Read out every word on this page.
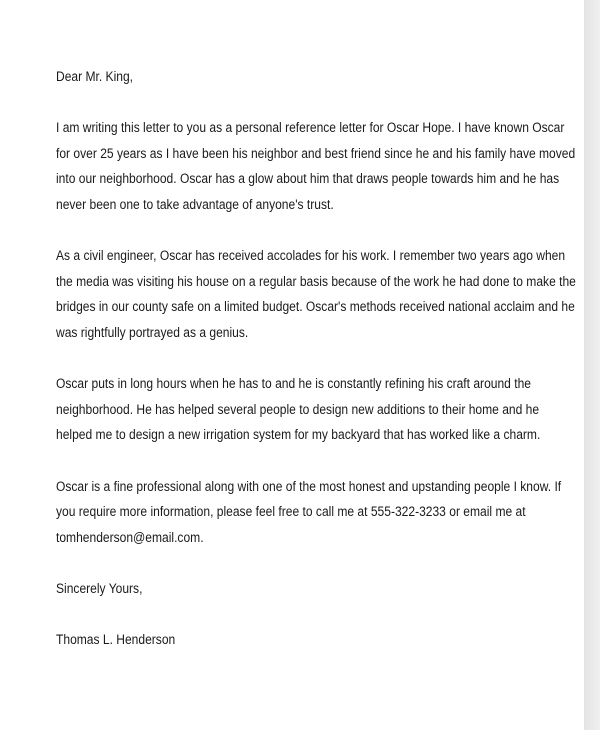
Dear Mr. King,

I am writing this letter to you as a personal reference letter for Oscar Hope. I have known Oscar

for over 25 years as I have been his neighbor and best friend since he and his family have moved

into our neighborhood. Oscar has a glow about him that draws people towards him and he has

never been one to take advantage of anyone's trust.

As a civil engineer, Oscar has received accolades for his work. I remember two years ago when

the media was visiting his house on a regular basis because of the work he had done to make the

bridges in our county safe on a limited budget. Oscar's methods received national acclaim and he

was rightfully portrayed as a genius.

Oscar puts in long hours when he has to and he is constantly refining his craft around the

neighborhood. He has helped several people to design new additions to their home and he

helped me to design a new irrigation system for my backyard that has worked like a charm.

Oscar is a fine professional along with one of the most honest and upstanding people I know. If

you require more information, please feel free to call me at 555-322-3233 or email me at

tomhenderson@email.com.

Sincerely Yours,

Thomas L. Henderson
